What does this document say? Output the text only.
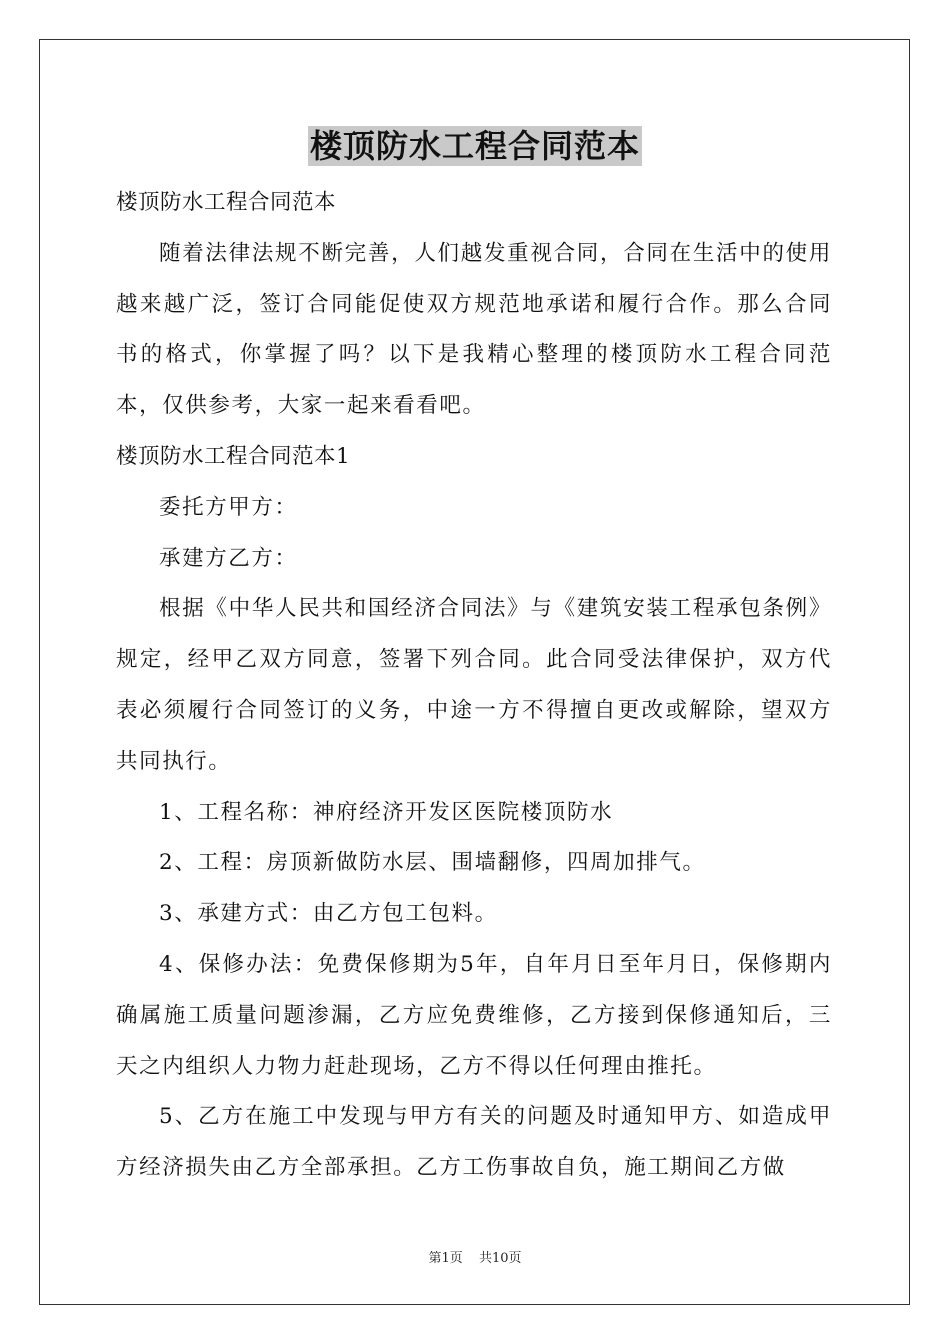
楼顶防水工程合同范本

楼顶防水工程合同范本

随着法律法规不断完善，人们越发重视合同，合同在生活中的使用越来越广泛，签订合同能促使双方规范地承诺和履行合作。那么合同书的格式，你掌握了吗？以下是我精心整理的楼顶防水工程合同范本，仅供参考，大家一起来看看吧。

楼顶防水工程合同范本1

委托方甲方：

承建方乙方：

根据《中华人民共和国经济合同法》与《建筑安装工程承包条例》规定，经甲乙双方同意，签署下列合同。此合同受法律保护，双方代表必须履行合同签订的义务，中途一方不得擅自更改或解除，望双方共同执行。

1、工程名称：神府经济开发区医院楼顶防水

2、工程：房顶新做防水层、围墙翻修，四周加排气。

3、承建方式：由乙方包工包料。

4、保修办法：免费保修期为5年，自年月日至年月日，保修期内确属施工质量问题渗漏，乙方应免费维修，乙方接到保修通知后，三天之内组织人力物力赶赴现场，乙方不得以任何理由推托。

5、乙方在施工中发现与甲方有关的问题及时通知甲方、如造成甲方经济损失由乙方全部承担。乙方工伤事故自负，施工期间乙方做

第1页 共10页
